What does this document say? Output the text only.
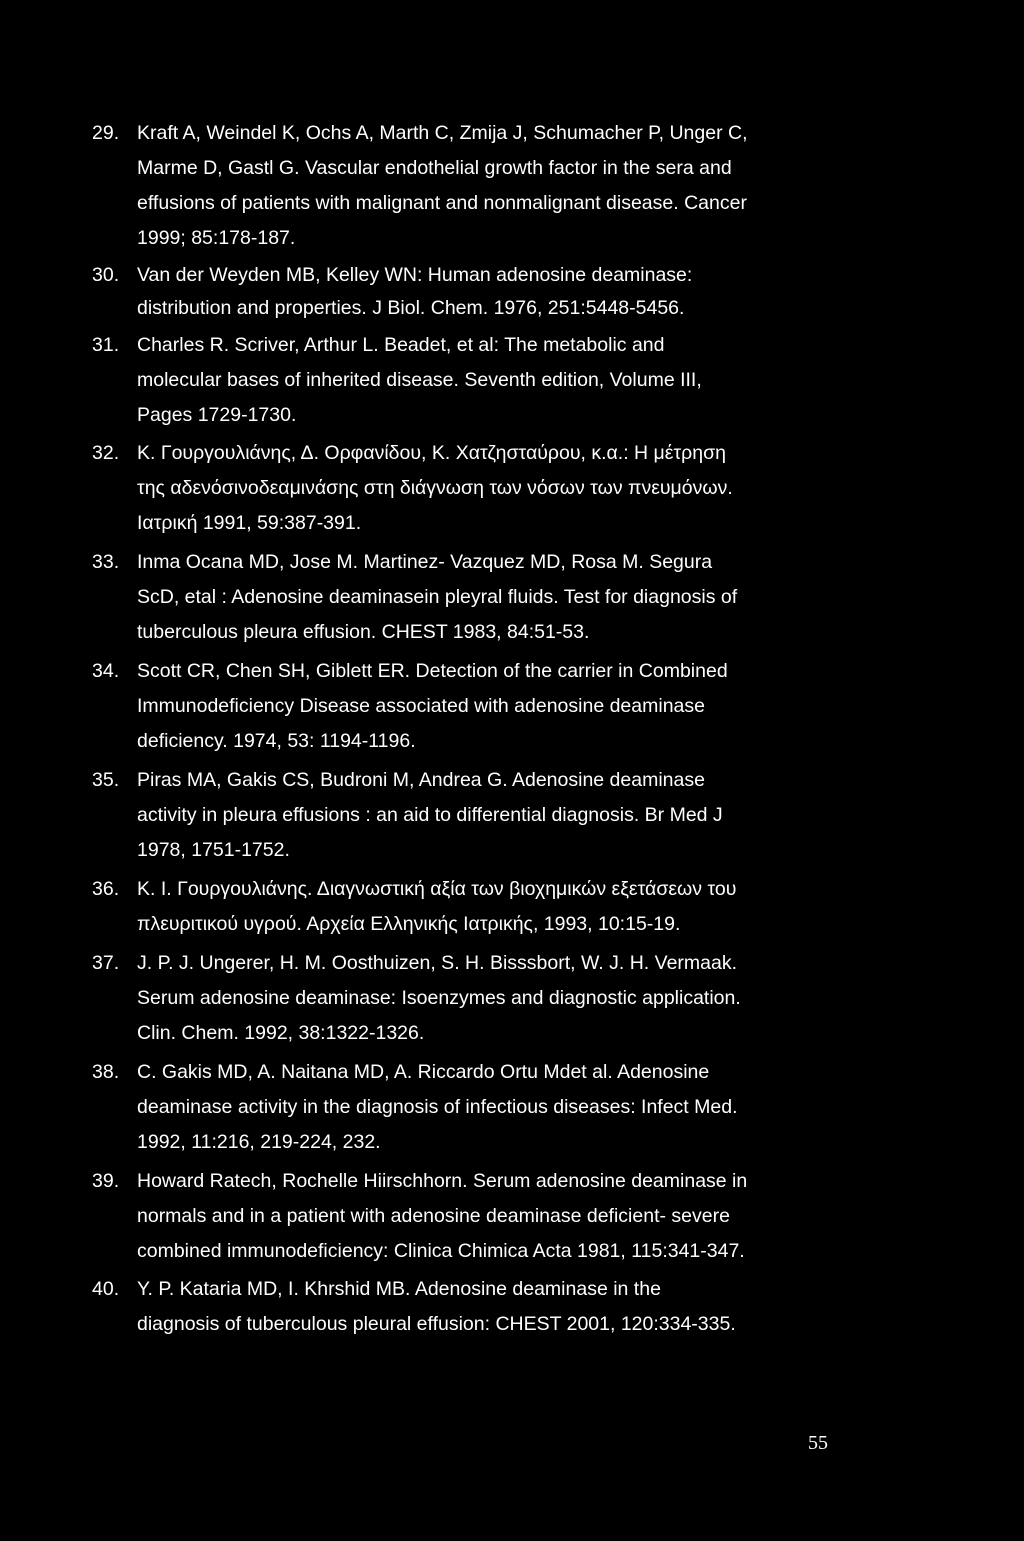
29. Kraft A, Weindel K, Ochs A, Marth C, Zmija J, Schumacher P, Unger C,
Marme D, Gastl G. Vascular endothelial growth factor in the sera and
effusions of patients with malignant and nonmalignant disease. Cancer
1999; 85:178-187.
30. Van der Weyden MB, Kelley WN: Human adenosine deaminase:
distribution and properties. J Biol. Chem. 1976, 251:5448-5456.
31. Charles R. Scriver, Arthur L. Beadet, et al: The metabolic and
molecular bases of inherited disease. Seventh edition, Volume III,
Pages 1729-1730.
32. Κ. Γουργουλιάνης, Δ. Ορφανίδου, Κ. Χατζησταύρου, κ.α.: Η μέτρηση
της αδενόσινοδεαμινάσης στη διάγνωση των νόσων των πνευμόνων.
Ιατρική 1991, 59:387-391.
33. Inma Ocana MD, Jose M. Martinez- Vazquez MD, Rosa M. Segura
ScD, etal : Adenosine deaminasein pleyral fluids. Test for diagnosis of
tuberculous pleura effusion. CHEST 1983, 84:51-53.
34. Scott CR, Chen SH, Giblett ER. Detection of the carrier in Combined
Immunodeficiency Disease associated with adenosine deaminase
deficiency. 1974, 53: 1194-1196.
35. Piras MA, Gakis CS, Budroni M, Andrea G. Adenosine deaminase
activity in pleura effusions : an aid to differential diagnosis. Br Med J
1978, 1751-1752.
36. Κ. Ι. Γουργουλιάνης. Διαγνωστική αξία των βιοχημικών εξετάσεων του
πλευριτικού υγρού. Αρχεία Ελληνικής Ιατρικής, 1993, 10:15-19.
37. J. P. J. Ungerer, H. M. Oosthuizen, S. H. Bisssbort, W. J. H. Vermaak.
Serum adenosine deaminase: Isoenzymes and diagnostic application.
Clin. Chem. 1992, 38:1322-1326.
38. C. Gakis MD, A. Naitana MD, A. Riccardo Ortu Mdet al. Adenosine
deaminase activity in the diagnosis of infectious diseases: Infect Med.
1992, 11:216, 219-224, 232.
39. Howard Ratech, Rochelle Hiirschhorn. Serum adenosine deaminase in
normals and in a patient with adenosine deaminase deficient- severe
combined immunodeficiency: Clinica Chimica Acta 1981, 115:341-347.
40. Y. P. Kataria MD, I. Khrshid MB. Adenosine deaminase in the
diagnosis of tuberculous pleural effusion: CHEST 2001, 120:334-335.
55
